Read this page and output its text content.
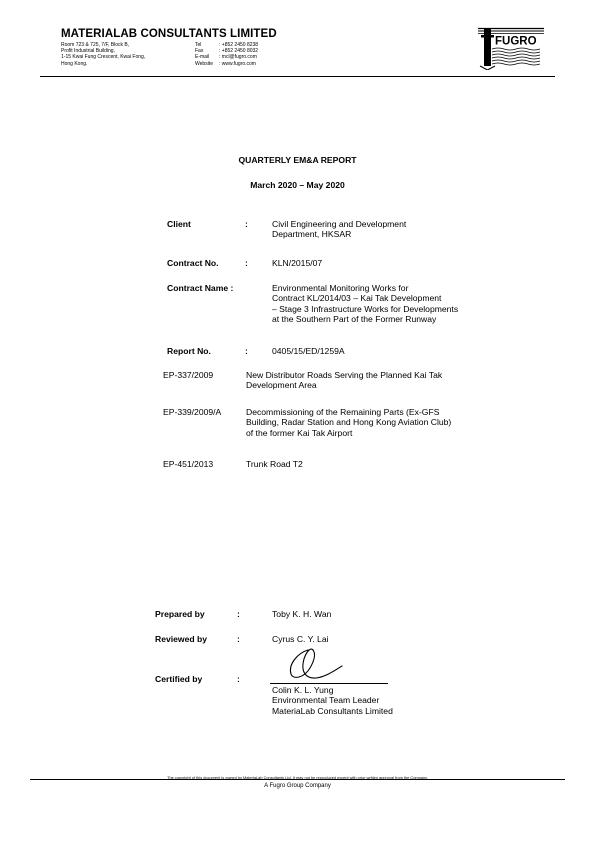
MATERIALAB CONSULTANTS LIMITED
Room 723 & 725, 7/F, Block B,
Profit Industrial Building,
1-15 Kwai Fung Crescent, Kwai Fong,
Hong Kong.
Tel	: +852 2450 8238
Fax	: +852 2450 8032
E-mail	: mcl@fugro.com
Website	: www.fugro.com
FUGRO
QUARTERLY EM&A REPORT
March 2020 – May 2020
Client	:	Civil Engineering and Development
Department, HKSAR
Contract No.	:	KLN/2015/07
Contract Name :	Environmental Monitoring Works for
Contract KL/2014/03 – Kai Tak Development
– Stage 3 Infrastructure Works for Developments
at the Southern Part of the Former Runway
Report No.	:	0405/15/ED/1259A
EP-337/2009	New Distributor Roads Serving the Planned Kai Tak
Development Area
EP-339/2009/A	Decommissioning of the Remaining Parts (Ex-GFS
Building, Radar Station and Hong Kong Aviation Club)
of the former Kai Tak Airport
EP-451/2013	Trunk Road T2
Prepared by	:	Toby K. H. Wan
Reviewed by	:	Cyrus C. Y. Lai
Certified by	:
Colin K. L. Yung
Environmental Team Leader
MateriaLab Consultants Limited
The copyright of this document is owned by MateriaLab Consultants Ltd. It may not be reproduced except with prior written approval from the Company.
A Fugro Group Company
